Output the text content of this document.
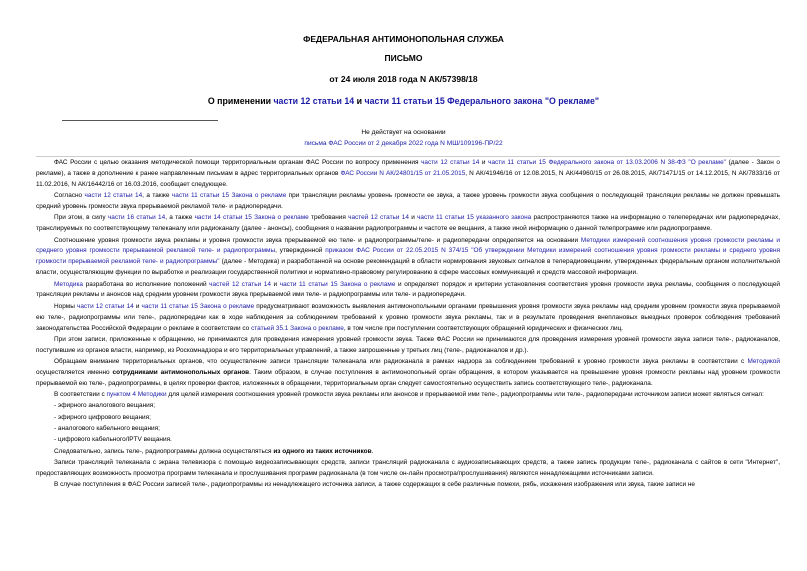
ФЕДЕРАЛЬНАЯ АНТИМОНОПОЛЬНАЯ СЛУЖБА
ПИСЬМО
от 24 июля 2018 года N АК/57398/18
О применении части 12 статьи 14 и части 11 статьи 15 Федерального закона "О рекламе"
Не действует на основании
письма ФАС России от 2 декабря 2022 года N МШ/109196-ПР/22

ФАС России с целью оказания методической помощи территориальным органам ФАС России по вопросу применения части 12 статьи 14 и части 11 статьи 15 Федерального закона от 13.03.2006 N 38-ФЗ "О рекламе" (далее - Закон о рекламе), а также в дополнение к ранее направленным письмам в адрес территориальных органов ФАС России N АК/24801/15 от 21.05.2015, N АК/41946/16 от 12.08.2015, N АК/44960/15 от 26.08.2015, АК/71471/15 от 14.12.2015, N АК/7833/16 от 11.02.2016, N АК/16442/16 от 16.03.2016, сообщает следующее.

Согласно части 12 статьи 14, а также части 11 статьи 15 Закона о рекламе при трансляции рекламы уровень громкости ее звука, а также уровень громкости звука сообщения о последующей трансляции рекламы не должен превышать средний уровень громкости звука прерываемой рекламой теле- и радиопередачи.

При этом, в силу части 16 статьи 14, а также части 14 статьи 15 Закона о рекламе требования частей 12 статьи 14 и части 11 статьи 15 указанного закона распространяются также на информацию о телепередачах или радиопередачах, транслируемых по соответствующему телеканалу или радиоканалу (далее - анонсы), сообщения о названии радиопрограммы и частоте ее вещания, а также иной информацию о данной телепрограмме или радиопрограмме.

Соотношение уровня громкости звука рекламы и уровня громкости звука прерываемой ею теле- и радиопрограммы/теле- и радиопередачи определяется на основании Методики измерений соотношения уровня громкости рекламы и среднего уровня громкости прерываемой рекламой теле- и радиопрограммы, утвержденной приказом ФАС России от 22.05.2015 N 374/15 "Об утверждении Методики измерений соотношения уровня громкости рекламы и среднего уровня громкости прерываемой рекламой теле- и радиопрограммы" (далее - Методика) и разработанной на основе рекомендаций в области нормирования звуковых сигналов в телерадиовещании, утвержденных федеральным органом исполнительной власти, осуществляющим функции по выработке и реализации государственной политики и нормативно-правовому регулированию в сфере массовых коммуникаций и средств массовой информации.

Методика разработана во исполнение положений частей 12 статьи 14 и части 11 статьи 15 Закона о рекламе и определяет порядок и критерии установления соответствия уровня громкости звука рекламы, сообщения о последующей трансляции рекламы и анонсов над средним уровнем громкости звука прерываемой ими теле- и радиопрограммы или теле- и радиопередачи.

Нормы части 12 статьи 14 и части 11 статьи 15 Закона о рекламе предусматривают возможность выявления антимонопольными органами превышения уровня громкости звука рекламы над средним уровнем громкости звука прерываемой ею теле-, радиопрограммы или теле-, радиопередачи как в ходе наблюдения за соблюдением требований к уровню громкости звука рекламы, так и в результате проведения внеплановых выездных проверок соблюдения требований законодательства Российской Федерации о рекламе в соответствии со статьей 35.1 Закона о рекламе, в том числе при поступлении соответствующих обращений юридических и физических лиц.

При этом записи, приложенные к обращению, не принимаются для проведения измерения уровней громкости звука. Также ФАС России не принимаются для проведения измерения уровней громкости звука записи теле-, радиоканалов, поступившие из органов власти, например, из Роскомнадзора и его территориальных управлений, а также запрошенные у третьих лиц (теле-, радиоканалов и др.).

Обращаем внимание территориальных органов, что осуществление записи трансляции телеканала или радиоканала в рамках надзора за соблюдением требований к уровню громкости звука рекламы в соответствии с Методикой осуществляется именно сотрудниками антимонопольных органов. Таким образом, в случае поступления в антимонопольный орган обращения, в котором указывается на превышение уровня громкости рекламы над уровнем громкости прерываемой ею теле-, радиопрограммы, в целях проверки фактов, изложенных в обращении, территориальным орган следует самостоятельно осуществить запись соответствующего теле-, радиоканала.

В соответствии с пунктом 4 Методики для целей измерения соотношения уровней громкости звука рекламы или анонсов и прерываемой ими теле-, радиопрограммы или теле-, радиопередачи источником записи может являться сигнал:

- эфирного аналогового вещания;

- эфирного цифрового вещания;

- аналогового кабельного вещания;

- цифрового кабельного/IPTV вещания.

Следовательно, запись теле-, радиопрограммы должна осуществляться из одного из таких источников.

Записи трансляций телеканала с экрана телевизора с помощью видеозаписывающих средств, записи трансляций радиоканала с аудиозаписывающих средств, а также запись продукции теле-, радиоканала с сайтов в сети "Интернет", предоставляющих возможность просмотра программ телеканала и прослушивания программ радиоканала (в том числе он-лайн просмотра/прослушивания) являются ненадлежащими источниками записи.

В случае поступления в ФАС России записей теле-, радиопрограммы из ненадлежащего источника записи, а также содержащих в себе различные помехи, рябь, искажения изображения или звука, такие записи не
